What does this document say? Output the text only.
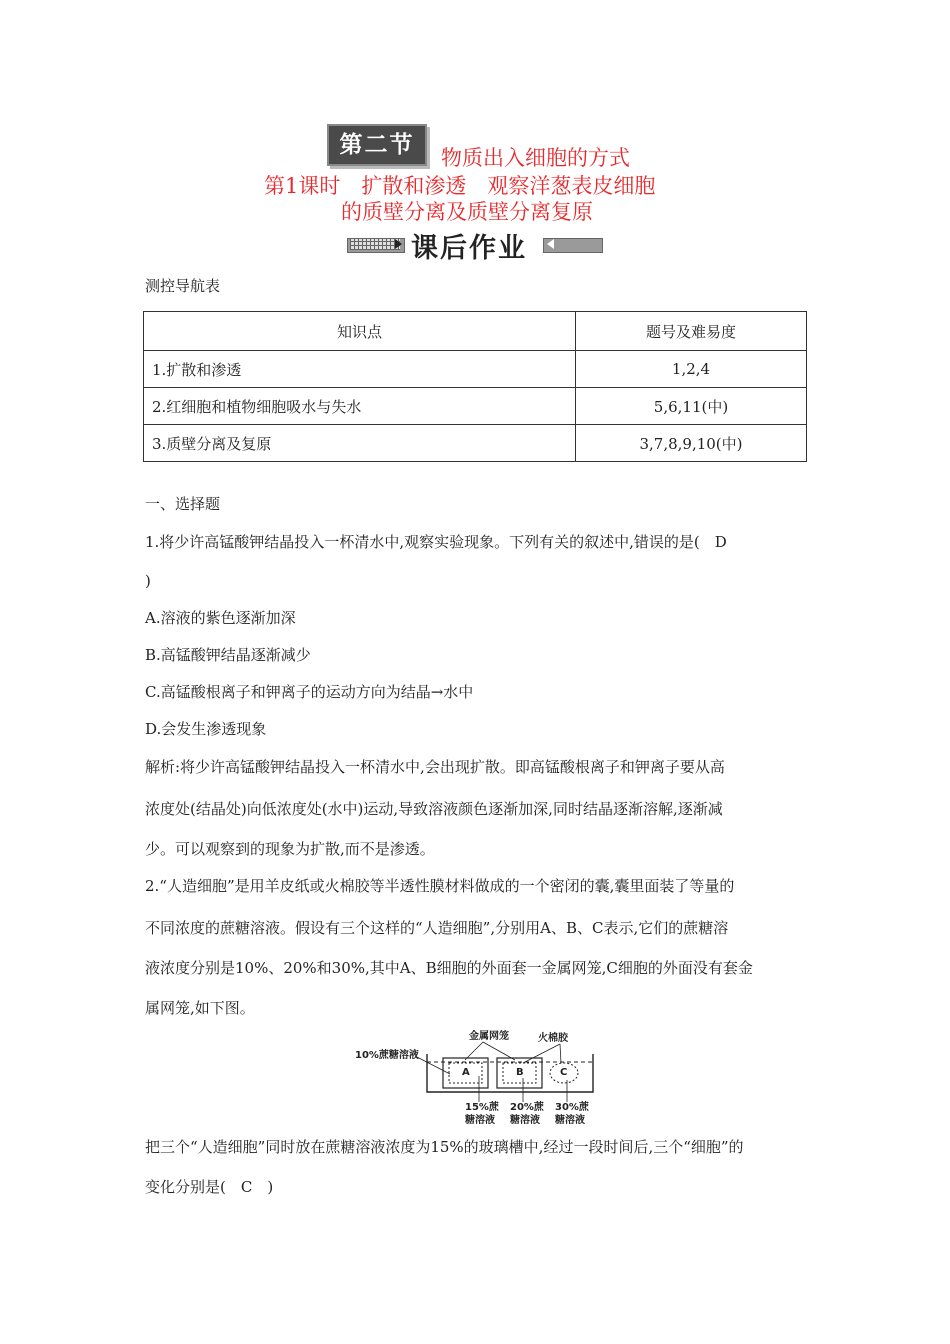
第二节	物质出入细胞的方式
第1课时　扩散和渗透　观察洋葱表皮细胞
的质壁分离及质壁分离复原
课后作业
测控导航表
知识点	题号及难易度
1.扩散和渗透	1,2,4
2.红细胞和植物细胞吸水与失水	5,6,11(中)
3.质壁分离及复原	3,7,8,9,10(中)
一、选择题
1.将少许高锰酸钾结晶投入一杯清水中,观察实验现象。下列有关的叙述中,错误的是(　D
)
A.溶液的紫色逐渐加深
B.高锰酸钾结晶逐渐减少
C.高锰酸根离子和钾离子的运动方向为结晶→水中
D.会发生渗透现象
解析:将少许高锰酸钾结晶投入一杯清水中,会出现扩散。即高锰酸根离子和钾离子要从高
浓度处(结晶处)向低浓度处(水中)运动,导致溶液颜色逐渐加深,同时结晶逐渐溶解,逐渐减
少。可以观察到的现象为扩散,而不是渗透。
2.“人造细胞”是用羊皮纸或火棉胶等半透性膜材料做成的一个密闭的囊,囊里面装了等量的
不同浓度的蔗糖溶液。假设有三个这样的“人造细胞”,分别用A、B、C表示,它们的蔗糖溶
液浓度分别是10%、20%和30%,其中A、B细胞的外面套一金属网笼,C细胞的外面没有套金
属网笼,如下图。
金属网笼	火棉胶
10%蔗糖溶液
A	B	C
15%蔗
糖溶液
20%蔗
糖溶液
30%蔗
糖溶液
把三个“人造细胞”同时放在蔗糖溶液浓度为15%的玻璃槽中,经过一段时间后,三个“细胞”的
变化分别是(　C　)
